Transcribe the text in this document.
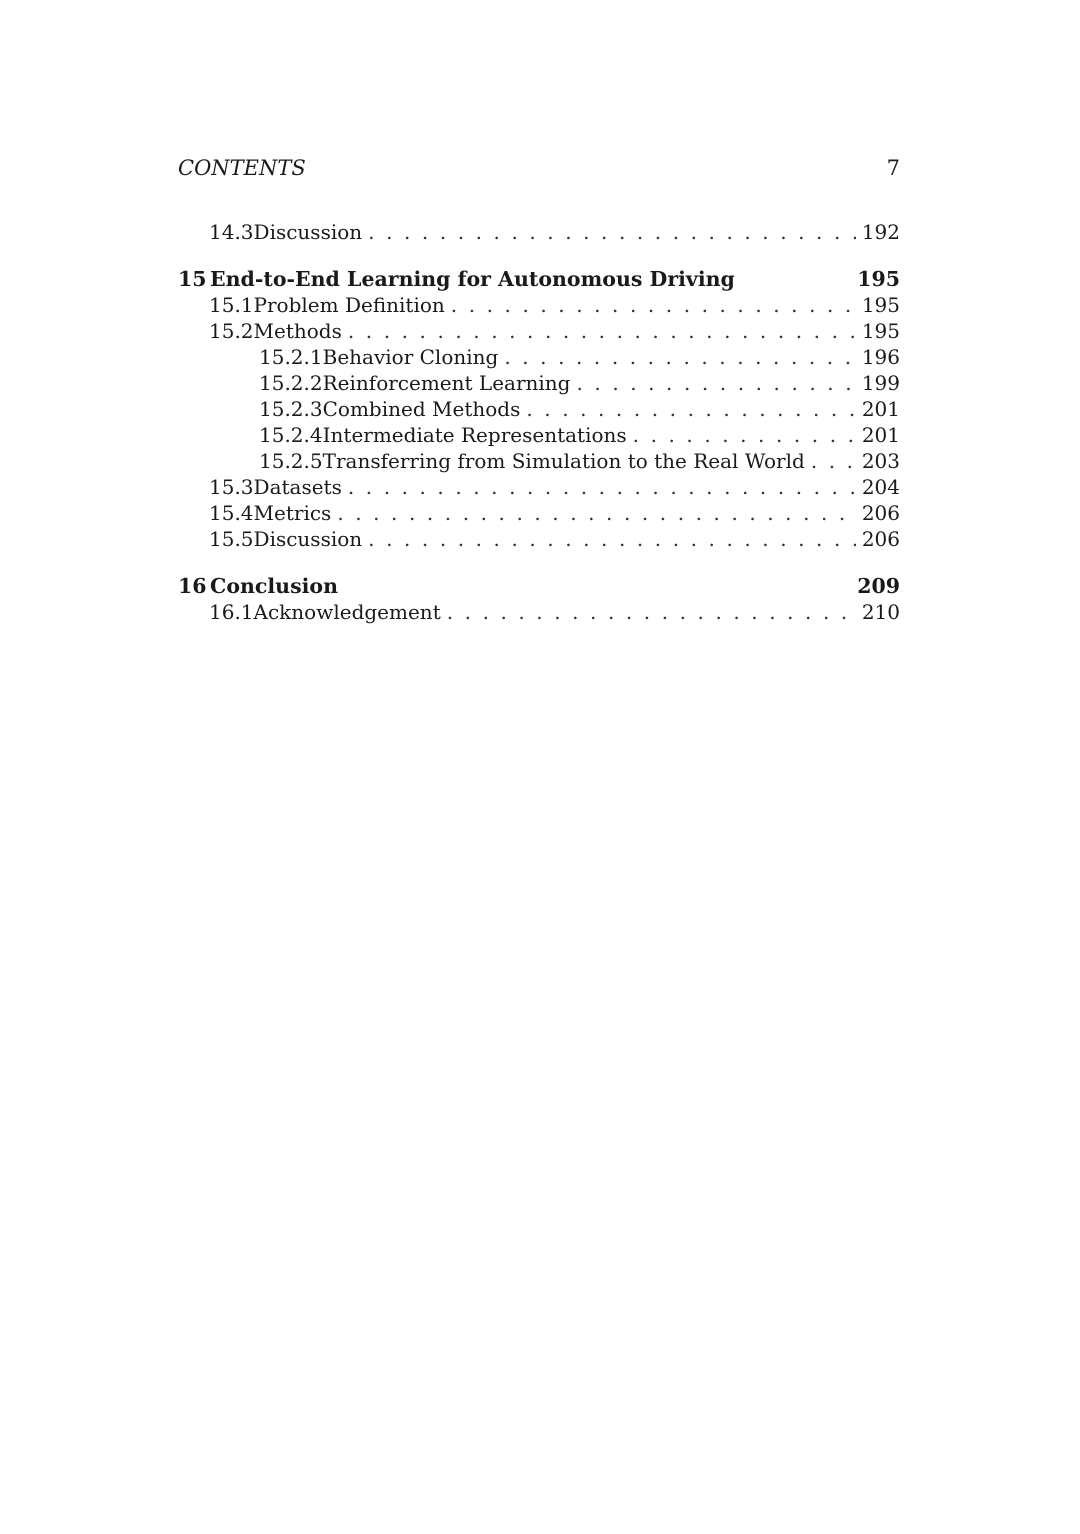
CONTENTS	7
14.3 Discussion . . .	192
15 End-to-End Learning for Autonomous Driving	195
15.1 Problem Definition . . .	195
15.2 Methods . . .	195
15.2.1 Behavior Cloning . . .	196
15.2.2 Reinforcement Learning . . .	199
15.2.3 Combined Methods . . .	201
15.2.4 Intermediate Representations . . .	201
15.2.5 Transferring from Simulation to the Real World . . .	203
15.3 Datasets . . .	204
15.4 Metrics . . .	206
15.5 Discussion . . .	206
16 Conclusion	209
16.1 Acknowledgement . . .	210
